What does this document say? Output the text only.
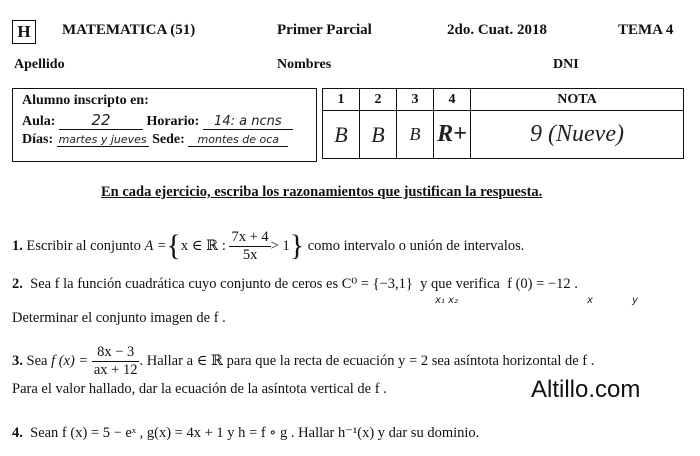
H	MATEMATICA (51)	Primer Parcial	2do. Cuat. 2018	TEMA 4
Apellido	Nombres	DNI
Alumno inscripto en:
Aula: 22	Horario: 14: a ncns
Días: martes y jueves Sede: montes de oca
1	2	3	4	NOTA
B	B	B	R+	9 (Nueve)
En cada ejercicio, escriba los razonamientos que justifican la respuesta.
1.
Escribir al conjunto
A = { x ∈ ℝ :
$\frac{7x + 4}{5x} > 1$ }
como intervalo o unión de intervalos.
2. Sea f la función cuadrática cuyo conjunto de ceros es C⁰ = {−3,1} y que verifica f (0) = −12 .
x₁ x₂	x	y
Determinar el conjunto imagen de f .
3.
Sea
f (x) =
$\frac{8x - 3}{ax + 12}$ . Hallar a ∈ ℝ para que la recta de ecuación y = 2 sea asíntota horizontal de f .
Para el valor hallado, dar la ecuación de la asíntota vertical de f .	Altillo.com
4. Sean f (x) = 5 − eˣ , g(x) = 4x + 1 y h = f ∘ g . Hallar h⁻¹(x) y dar su dominio.
